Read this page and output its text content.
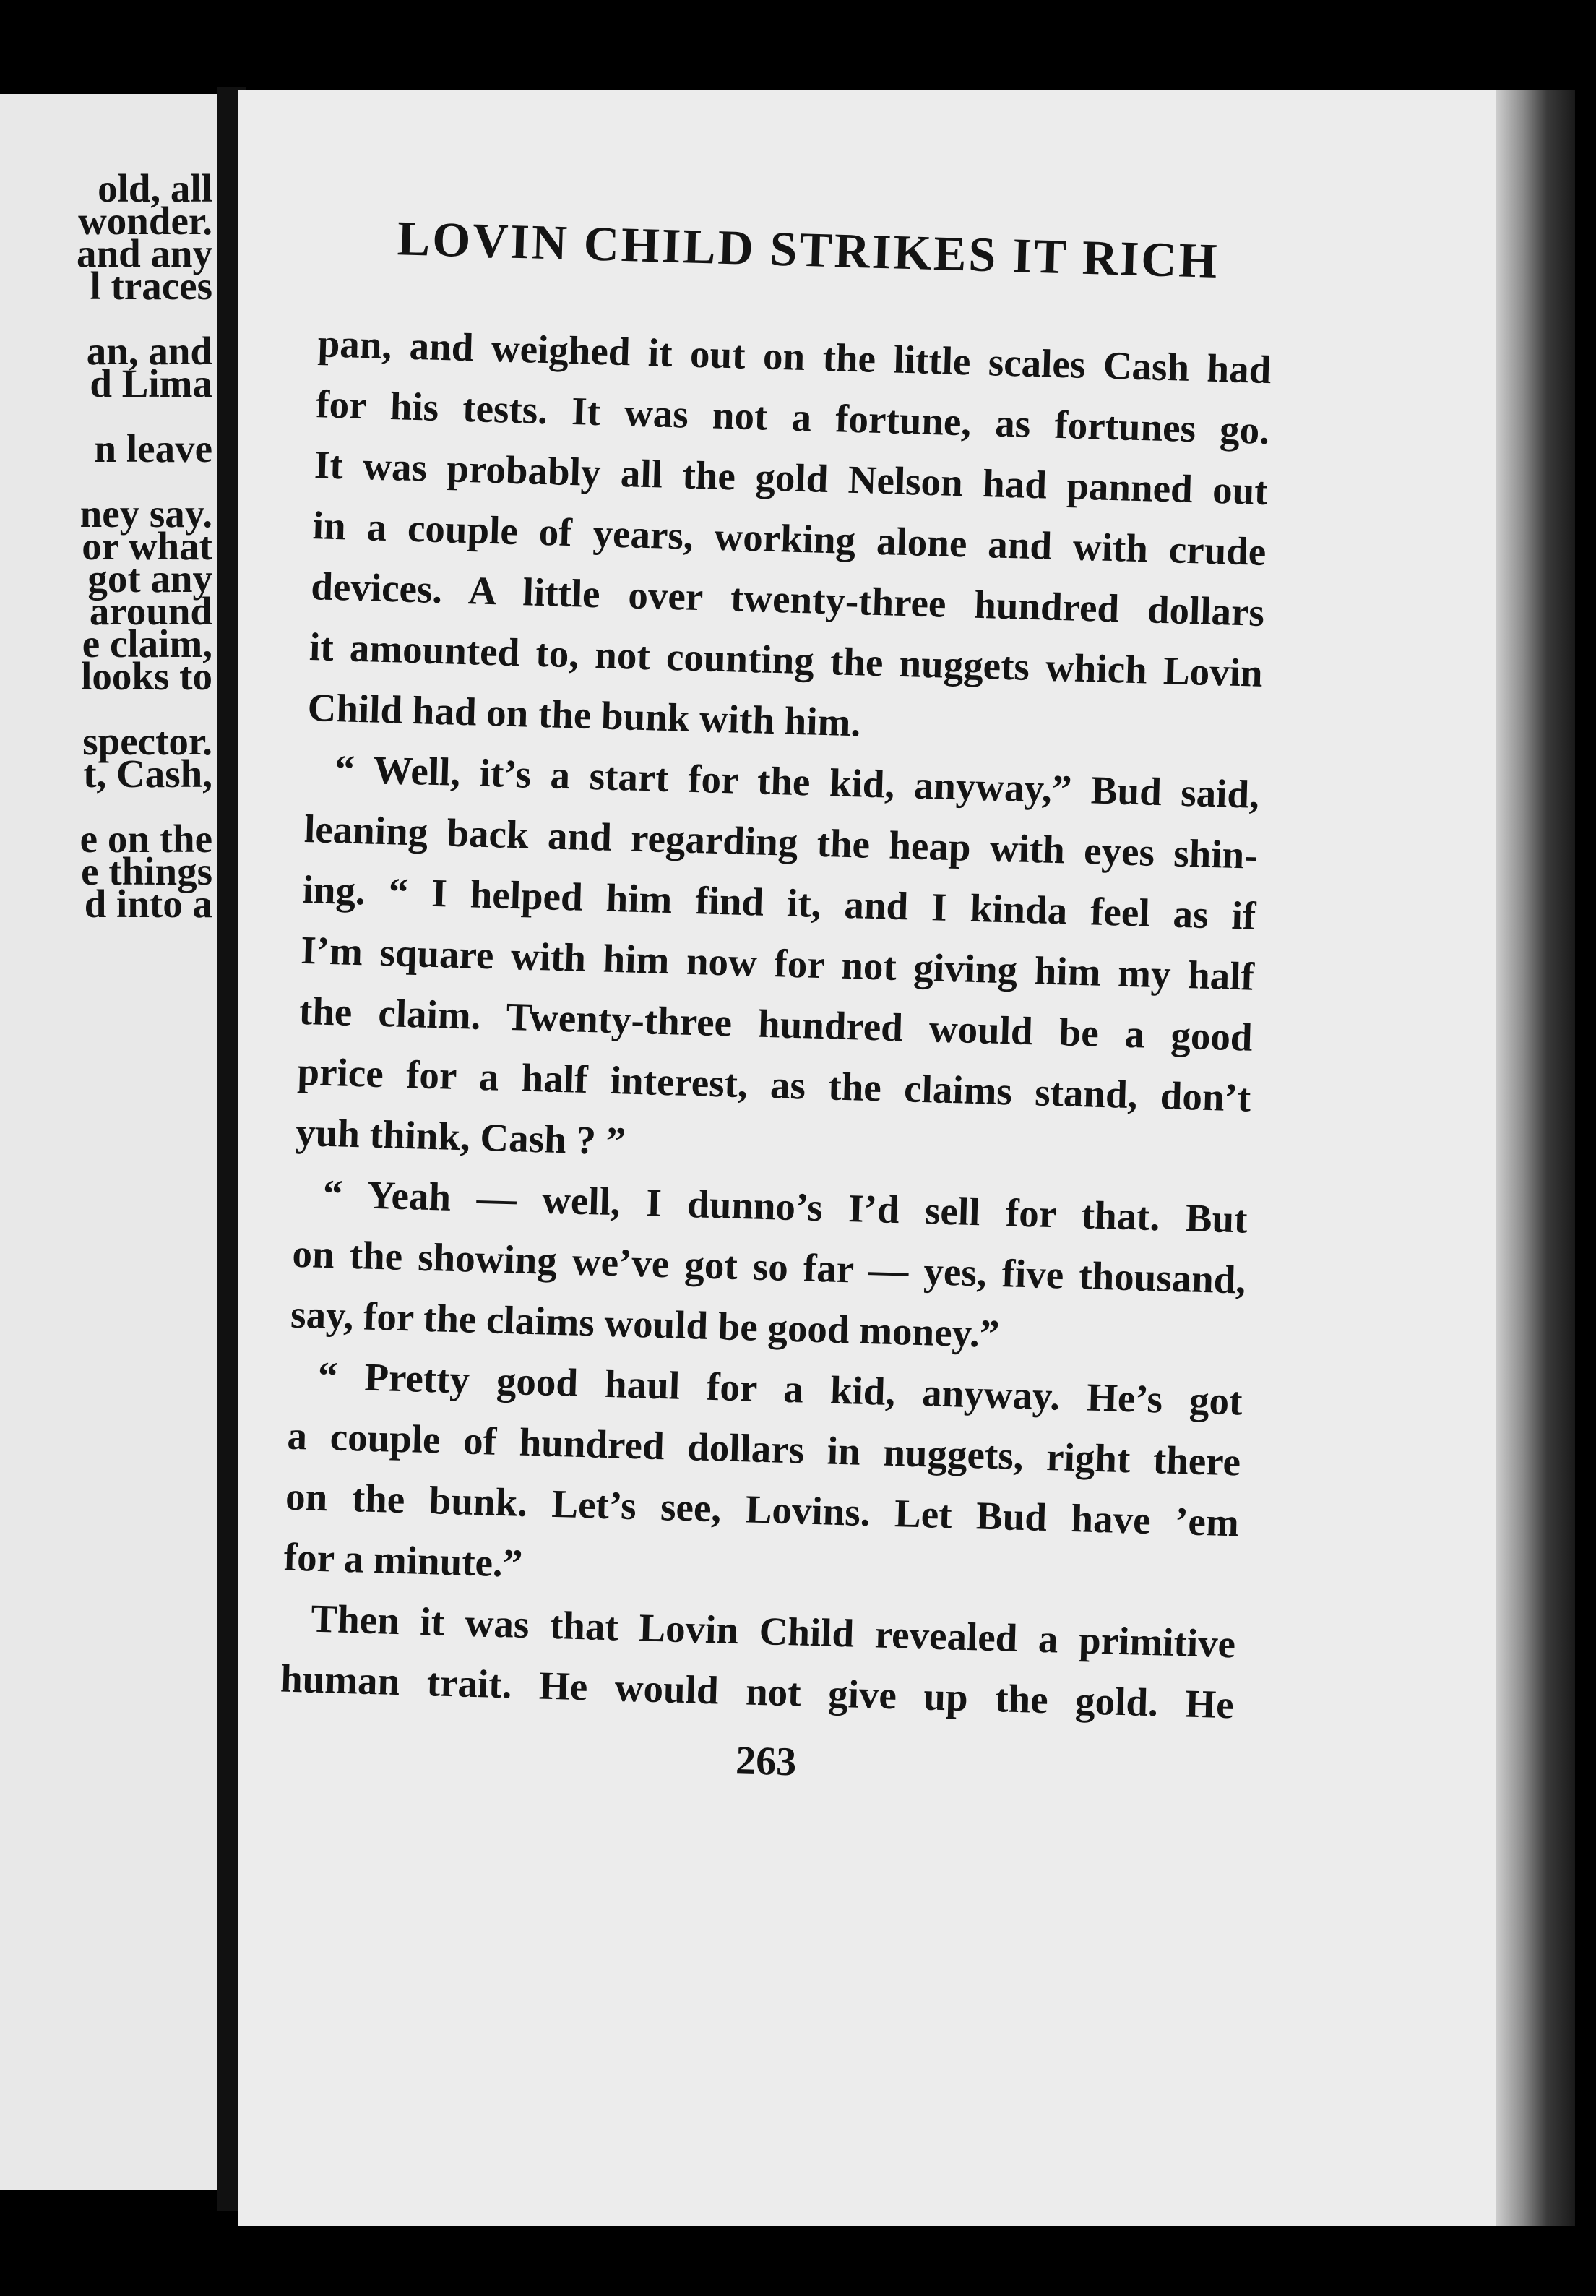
old, all
wonder.
and any
l traces
an, and
d Lima
n leave
ney say.
or what
got any
around
e claim,
looks to
spector.
t, Cash,
e on the
e things
d into a
LOVIN CHILD STRIKES IT RICH
pan, and weighed it out on the little scales Cash had
for his tests. It was not a fortune, as fortunes go.
It was probably all the gold Nelson had panned out
in a couple of years, working alone and with crude
devices. A little over twenty-three hundred dollars
it amounted to, not counting the nuggets which Lovin
Child had on the bunk with him.
“ Well, it’s a start for the kid, anyway,” Bud said,
leaning back and regarding the heap with eyes shin-
ing. “ I helped him find it, and I kinda feel as if
I’m square with him now for not giving him my half
the claim. Twenty-three hundred would be a good
price for a half interest, as the claims stand, don’t
yuh think, Cash ? ”
“ Yeah — well, I dunno’s I’d sell for that. But
on the showing we’ve got so far — yes, five thousand,
say, for the claims would be good money.”
“ Pretty good haul for a kid, anyway. He’s got
a couple of hundred dollars in nuggets, right there
on the bunk. Let’s see, Lovins. Let Bud have ’em
for a minute.”
Then it was that Lovin Child revealed a primitive
human trait. He would not give up the gold. He
263
